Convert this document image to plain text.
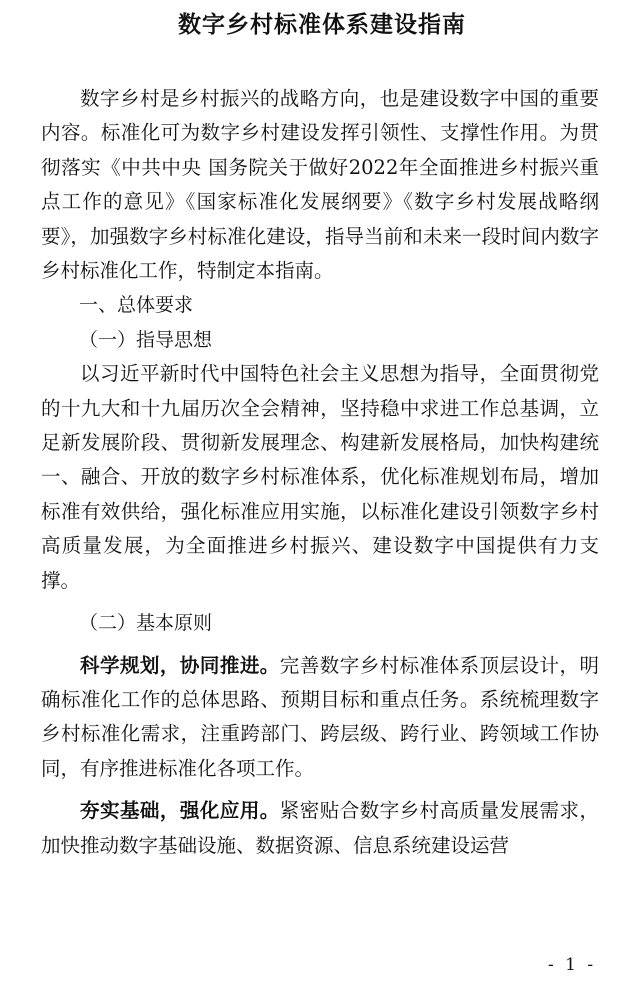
数字乡村标准体系建设指南

数字乡村是乡村振兴的战略方向，也是建设数字中国的重要内容。标准化可为数字乡村建设发挥引领性、支撑性作用。为贯彻落实《中共中央 国务院关于做好2022年全面推进乡村振兴重点工作的意见》《国家标准化发展纲要》《数字乡村发展战略纲要》，加强数字乡村标准化建设，指导当前和未来一段时间内数字乡村标准化工作，特制定本指南。

一、总体要求

（一）指导思想

以习近平新时代中国特色社会主义思想为指导，全面贯彻党的十九大和十九届历次全会精神，坚持稳中求进工作总基调，立足新发展阶段、贯彻新发展理念、构建新发展格局，加快构建统一、融合、开放的数字乡村标准体系，优化标准规划布局，增加标准有效供给，强化标准应用实施，以标准化建设引领数字乡村高质量发展，为全面推进乡村振兴、建设数字中国提供有力支撑。

（二）基本原则

科学规划，协同推进。完善数字乡村标准体系顶层设计，明确标准化工作的总体思路、预期目标和重点任务。系统梳理数字乡村标准化需求，注重跨部门、跨层级、跨行业、跨领域工作协同，有序推进标准化各项工作。

夯实基础，强化应用。紧密贴合数字乡村高质量发展需求，加快推动数字基础设施、数据资源、信息系统建设运营

- 1 -
